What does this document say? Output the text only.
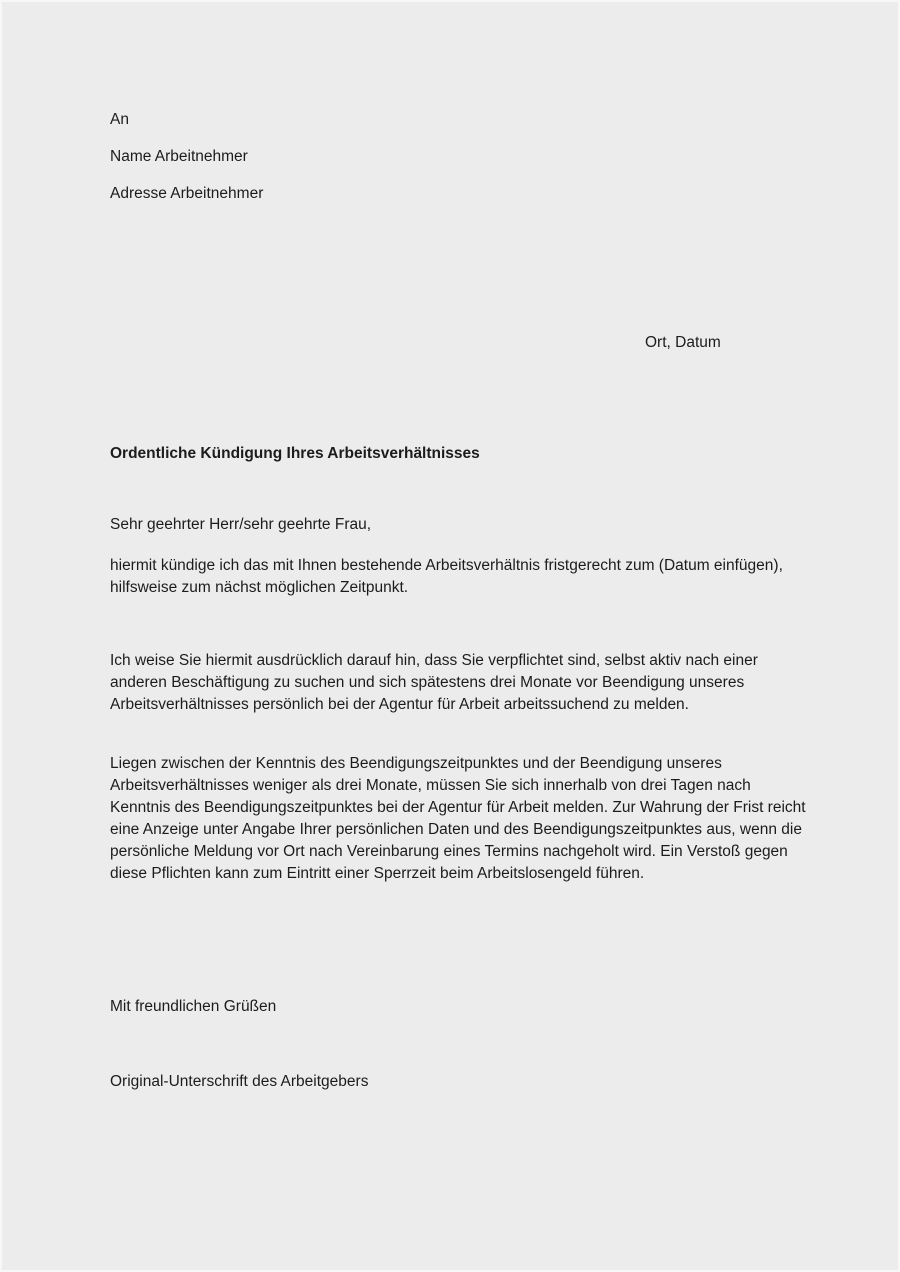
An
Name Arbeitnehmer
Adresse Arbeitnehmer
Ort, Datum
Ordentliche Kündigung Ihres Arbeitsverhältnisses
Sehr geehrter Herr/sehr geehrte Frau,

hiermit kündige ich das mit Ihnen bestehende Arbeitsverhältnis fristgerecht zum (Datum einfügen), hilfsweise zum nächst möglichen Zeitpunkt.

Ich weise Sie hiermit ausdrücklich darauf hin, dass Sie verpflichtet sind, selbst aktiv nach einer anderen Beschäftigung zu suchen und sich spätestens drei Monate vor Beendigung unseres Arbeitsverhältnisses persönlich bei der Agentur für Arbeit arbeitssuchend zu melden.

Liegen zwischen der Kenntnis des Beendigungszeitpunktes und der Beendigung unseres Arbeitsverhältnisses weniger als drei Monate, müssen Sie sich innerhalb von drei Tagen nach Kenntnis des Beendigungszeitpunktes bei der Agentur für Arbeit melden. Zur Wahrung der Frist reicht eine Anzeige unter Angabe Ihrer persönlichen Daten und des Beendigungszeitpunktes aus, wenn die persönliche Meldung vor Ort nach Vereinbarung eines Termins nachgeholt wird. Ein Verstoß gegen diese Pflichten kann zum Eintritt einer Sperrzeit beim Arbeitslosengeld führen.

Mit freundlichen Grüßen
Original-Unterschrift des Arbeitgebers
